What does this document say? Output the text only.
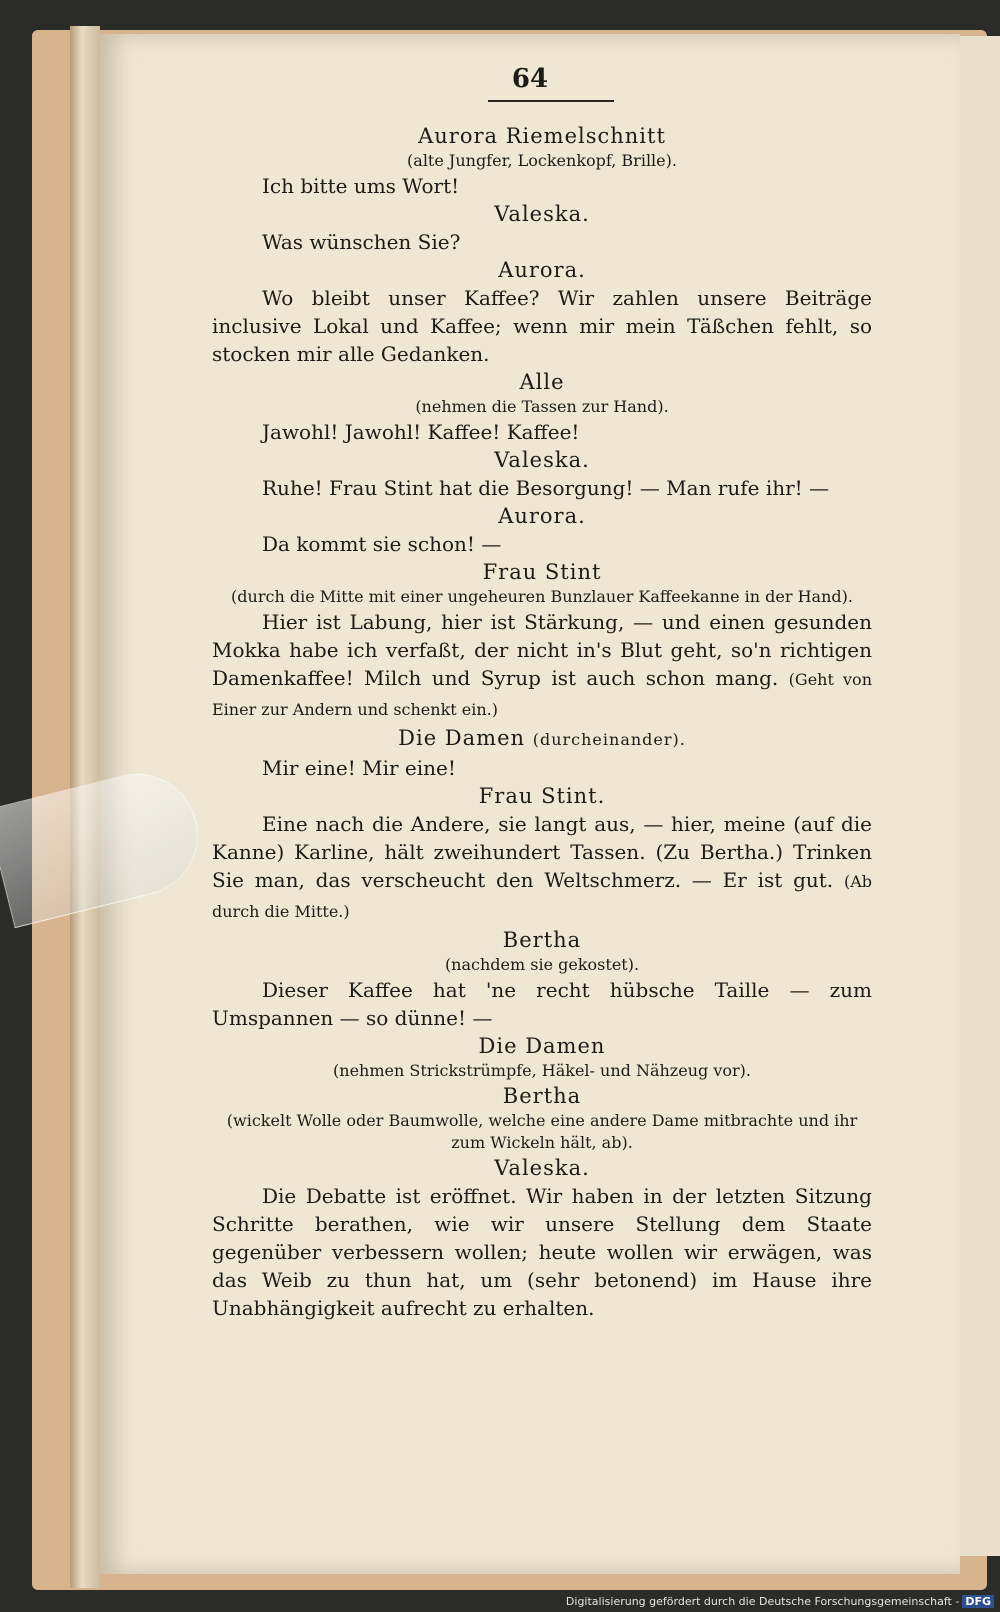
64

Aurora Riemelschnitt

(alte Jungfer, Lockenkopf, Brille).

Ich bitte ums Wort!

Valeska.

Was wünschen Sie?

Aurora.

Wo bleibt unser Kaffee? Wir zahlen unsere Beiträge inclusive Lokal und Kaffee; wenn mir mein Täßchen fehlt, so stocken mir alle Gedanken.

Alle

(nehmen die Tassen zur Hand).

Jawohl! Jawohl! Kaffee! Kaffee!

Valeska.

Ruhe! Frau Stint hat die Besorgung! — Man rufe ihr! —

Aurora.

Da kommt sie schon! —

Frau Stint

(durch die Mitte mit einer ungeheuren Bunzlauer Kaffeekanne in der Hand).

Hier ist Labung, hier ist Stärkung, — und einen gesunden Mokka habe ich verfaßt, der nicht in's Blut geht, so'n richtigen Damenkaffee! Milch und Syrup ist auch schon mang. (Geht von Einer zur Andern und schenkt ein.)

Die Damen (durcheinander).

Mir eine! Mir eine!

Frau Stint.

Eine nach die Andere, sie langt aus, — hier, meine (auf die Kanne) Karline, hält zweihundert Tassen. (Zu Bertha.) Trinken Sie man, das verscheucht den Weltschmerz. — Er ist gut. (Ab durch die Mitte.)

Bertha

(nachdem sie gekostet).

Dieser Kaffee hat 'ne recht hübsche Taille — zum Umspannen — so dünne! —

Die Damen

(nehmen Strickstrümpfe, Häkel- und Nähzeug vor).

Bertha

(wickelt Wolle oder Baumwolle, welche eine andere Dame mitbrachte und ihr zum Wickeln hält, ab).

Valeska.

Die Debatte ist eröffnet. Wir haben in der letzten Sitzung Schritte berathen, wie wir unsere Stellung dem Staate gegenüber verbessern wollen; heute wollen wir erwägen, was das Weib zu thun hat, um (sehr betonend) im Hause ihre Unabhängigkeit aufrecht zu erhalten.

Digitalisierung gefördert durch die Deutsche Forschungsgemeinschaft - DFG
